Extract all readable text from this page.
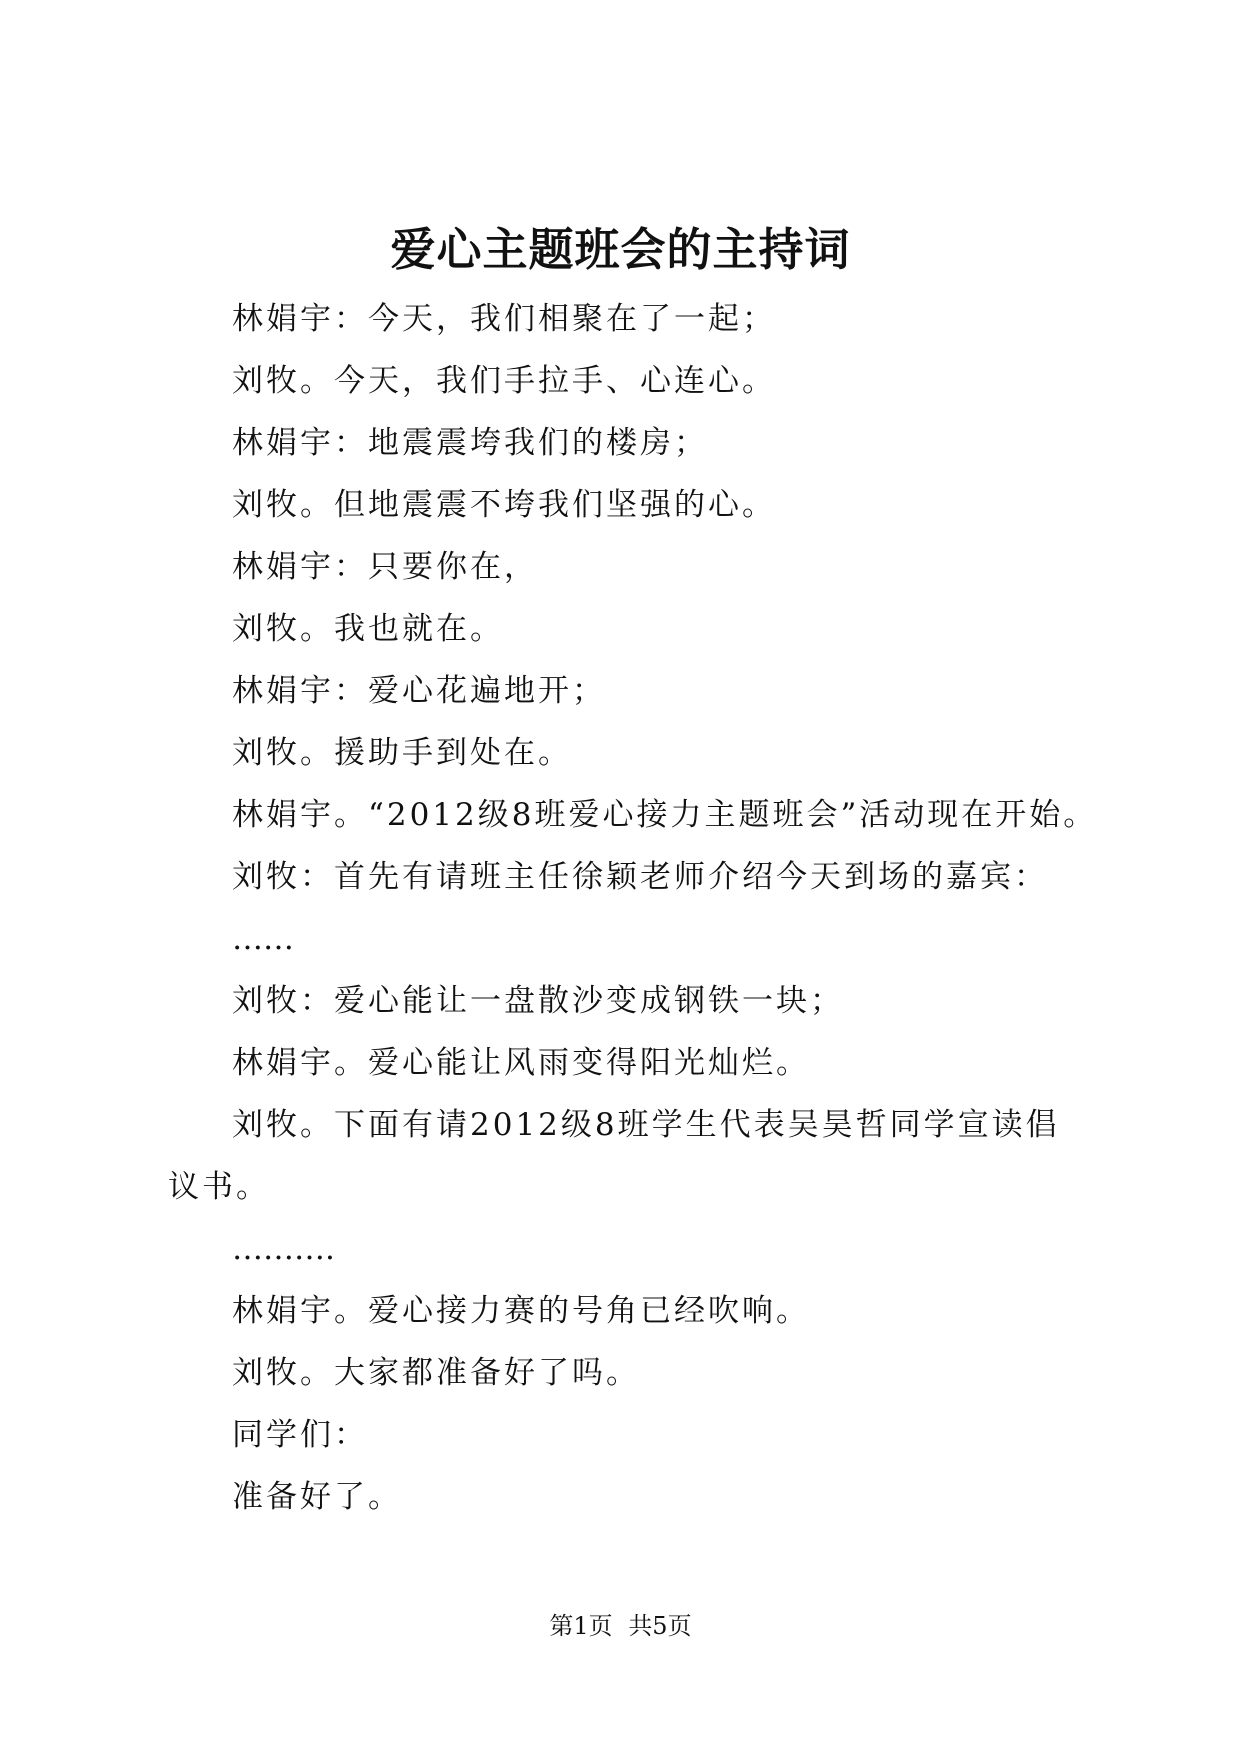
爱心主题班会的主持词
林娟宇：今天，我们相聚在了一起；
刘牧。今天，我们手拉手、心连心。
林娟宇：地震震垮我们的楼房；
刘牧。但地震震不垮我们坚强的心。
林娟宇：只要你在，
刘牧。我也就在。
林娟宇：爱心花遍地开；
刘牧。援助手到处在。
林娟宇。“2012级8班爱心接力主题班会”活动现在开始。
刘牧：首先有请班主任徐颖老师介绍今天到场的嘉宾：
……
刘牧：爱心能让一盘散沙变成钢铁一块；
林娟宇。爱心能让风雨变得阳光灿烂。
刘牧。下面有请2012级8班学生代表吴昊哲同学宣读倡议书。
……….
林娟宇。爱心接力赛的号角已经吹响。
刘牧。大家都准备好了吗。
同学们：
准备好了。
第1页 共5页
